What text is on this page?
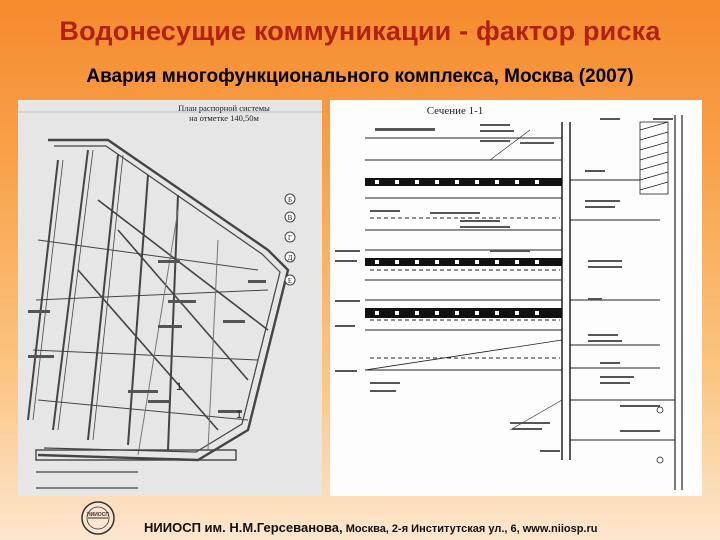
Водонесущие коммуникации - фактор риска
Авария многофункционального комплекса, Москва (2007)
Б
В
Г
Д
Е
План распорной системы
на отметке 140,50м
1
1
Сечение 1-1
НИИОСП
НИИОСП им. Н.М.Герсеванова, Москва, 2-я Институтская ул., 6, www.niiosp.ru
